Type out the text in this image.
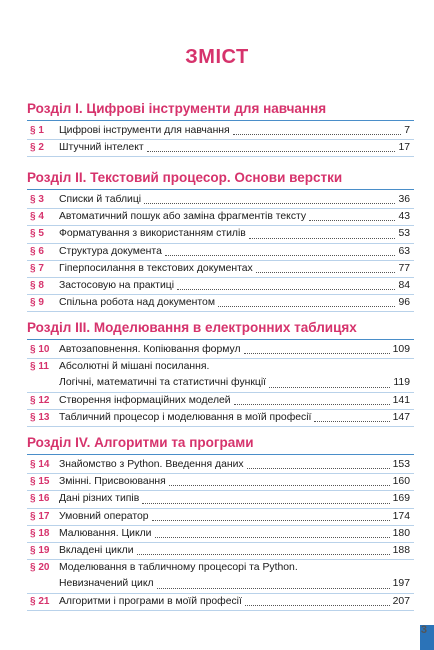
ЗМІСТ
Розділ І. Цифрові інструменти для навчання
§ 1	Цифрові інструменти для навчання	7
§ 2	Штучний інтелект	17
Розділ ІІ. Текстовий процесор. Основи верстки
§ 3	Списки й таблиці	36
§ 4	Автоматичний пошук або заміна фрагментів тексту	43
§ 5	Форматування з використанням стилів	53
§ 6	Структура документа	63
§ 7	Гіперпосилання в текстових документах	77
§ 8	Застосовую на практиці	84
§ 9	Спільна робота над документом	96
Розділ ІІІ. Моделювання в електронних таблицях
§ 10 Автозаповнення. Копіювання формул	109
§ 11 Абсолютні й мішані посилання.
Логічні, математичні та статистичні функції	119
§ 12 Створення інформаційних моделей	141
§ 13 Табличний процесор і моделювання в моїй професії	147
Розділ IV. Алгоритми та програми
§ 14 Знайомство з Python. Введення даних	153
§ 15 Змінні. Присвоювання	160
§ 16 Дані різних типів	169
§ 17 Умовний оператор	174
§ 18 Малювання. Цикли	180
§ 19 Вкладені цикли	188
§ 20 Моделювання в табличному процесорі та Python.
Невизначений цикл	197
§ 21 Алгоритми і програми в моїй професії	207
3
